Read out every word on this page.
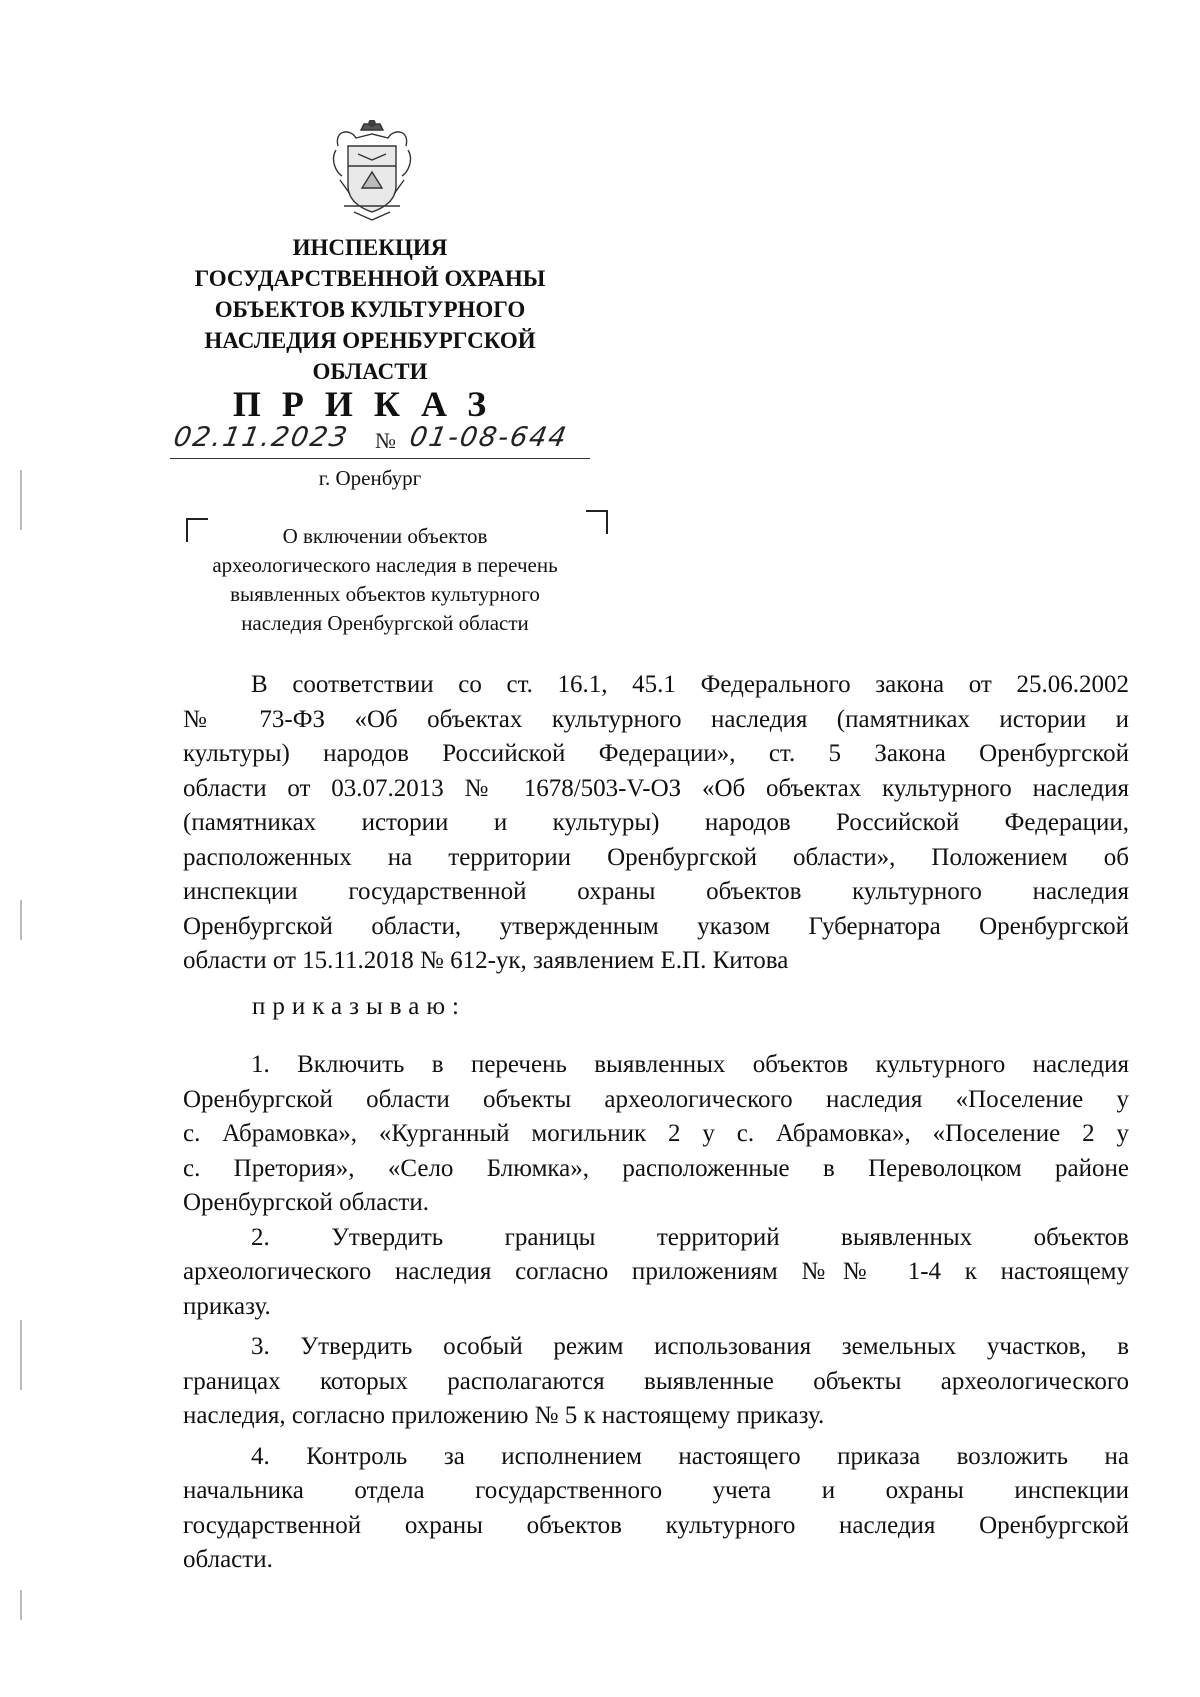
ИНСПЕКЦИЯ
ГОСУДАРСТВЕННОЙ ОХРАНЫ
ОБЪЕКТОВ КУЛЬТУРНОГО
НАСЛЕДИЯ ОРЕНБУРГСКОЙ
ОБЛАСТИ
ПРИКАЗ
02.11.2023 № 01-08-644
г. Оренбург
О включении объектов
археологического наследия в перечень
выявленных объектов культурного
наследия Оренбургской области
В соответствии со ст. 16.1, 45.1 Федерального закона от 25.06.2002
№ 73-ФЗ «Об объектах культурного наследия (памятниках истории и
культуры) народов Российской Федерации», ст. 5 Закона Оренбургской
области от 03.07.2013 № 1678/503-V-ОЗ «Об объектах культурного наследия
(памятниках истории и культуры) народов Российской Федерации,
расположенных на территории Оренбургской области», Положением об
инспекции государственной охраны объектов культурного наследия
Оренбургской области, утвержденным указом Губернатора Оренбургской
области от 15.11.2018 № 612-ук, заявлением Е.П. Китова
приказываю:
1. Включить в перечень выявленных объектов культурного наследия
Оренбургской области объекты археологического наследия «Поселение у
с. Абрамовка», «Курганный могильник 2 у с. Абрамовка», «Поселение 2 у
с. Претория», «Село Блюмка», расположенные в Переволоцком районе
Оренбургской области.
2. Утвердить границы территорий выявленных объектов
археологического наследия согласно приложениям №№ 1-4 к настоящему
приказу.
3. Утвердить особый режим использования земельных участков, в
границах которых располагаются выявленные объекты археологического
наследия, согласно приложению № 5 к настоящему приказу.
4. Контроль за исполнением настоящего приказа возложить на
начальника отдела государственного учета и охраны инспекции
государственной охраны объектов культурного наследия Оренбургской
области.
